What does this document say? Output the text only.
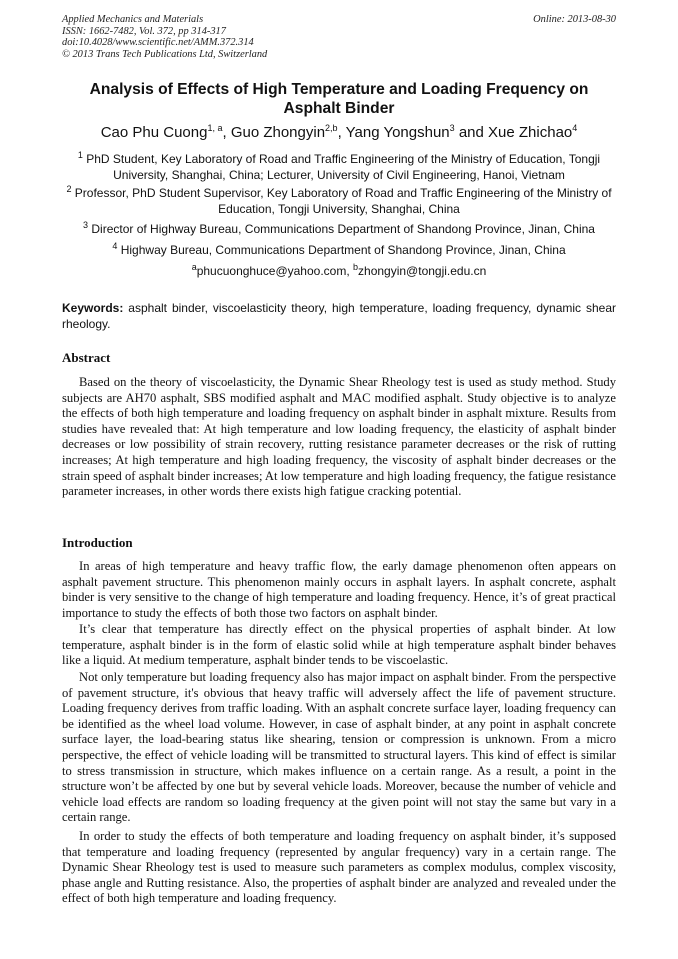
Applied Mechanics and Materials
ISSN: 1662-7482, Vol. 372, pp 314-317
doi:10.4028/www.scientific.net/AMM.372.314
© 2013 Trans Tech Publications Ltd, Switzerland
Online: 2013-08-30
Analysis of Effects of High Temperature and Loading Frequency on Asphalt Binder
Cao Phu Cuong$^{1, a}$, Guo Zhongyin$^{2,b}$, Yang Yongshun$^3$ and Xue Zhichao$^4$
$^1$ PhD Student, Key Laboratory of Road and Traffic Engineering of the Ministry of Education, Tongji University, Shanghai, China; Lecturer, University of Civil Engineering, Hanoi, Vietnam
$^2$ Professor, PhD Student Supervisor, Key Laboratory of Road and Traffic Engineering of the Ministry of Education, Tongji University, Shanghai, China
$^3$ Director of Highway Bureau, Communications Department of Shandong Province, Jinan, China
$^4$ Highway Bureau, Communications Department of Shandong Province, Jinan, China
$^a$phucuonghuce@yahoo.com, $^b$zhongyin@tongji.edu.cn
Keywords: asphalt binder, viscoelasticity theory, high temperature, loading frequency, dynamic shear rheology.
Abstract

Based on the theory of viscoelasticity, the Dynamic Shear Rheology test is used as study method. Study subjects are AH70 asphalt, SBS modified asphalt and MAC modified asphalt. Study objective is to analyze the effects of both high temperature and loading frequency on asphalt binder in asphalt mixture. Results from studies have revealed that: At high temperature and low loading frequency, the elasticity of asphalt binder decreases or low possibility of strain recovery, rutting resistance parameter decreases or the risk of rutting increases; At high temperature and high loading frequency, the viscosity of asphalt binder decreases or the strain speed of asphalt binder increases; At low temperature and high loading frequency, the fatigue resistance parameter increases, in other words there exists high fatigue cracking potential.

Introduction

In areas of high temperature and heavy traffic flow, the early damage phenomenon often appears on asphalt pavement structure. This phenomenon mainly occurs in asphalt layers. In asphalt concrete, asphalt binder is very sensitive to the change of high temperature and loading frequency. Hence, it’s of great practical importance to study the effects of both those two factors on asphalt binder.

It’s clear that temperature has directly effect on the physical properties of asphalt binder. At low temperature, asphalt binder is in the form of elastic solid while at high temperature asphalt binder behaves like a liquid. At medium temperature, asphalt binder tends to be viscoelastic.

Not only temperature but loading frequency also has major impact on asphalt binder. From the perspective of pavement structure, it's obvious that heavy traffic will adversely affect the life of pavement structure. Loading frequency derives from traffic loading. With an asphalt concrete surface layer, loading frequency can be identified as the wheel load volume. However, in case of asphalt binder, at any point in asphalt concrete surface layer, the load-bearing status like shearing, tension or compression is unknown. From a micro perspective, the effect of vehicle loading will be transmitted to structural layers. This kind of effect is similar to stress transmission in structure, which makes influence on a certain range. As a result, a point in the structure won’t be affected by one but by several vehicle loads. Moreover, because the number of vehicle and vehicle load effects are random so loading frequency at the given point will not stay the same but vary in a certain range.

In order to study the effects of both temperature and loading frequency on asphalt binder, it’s supposed that temperature and loading frequency (represented by angular frequency) vary in a certain range. The Dynamic Shear Rheology test is used to measure such parameters as complex modulus, complex viscosity, phase angle and Rutting resistance. Also, the properties of asphalt binder are analyzed and revealed under the effect of both high temperature and loading frequency.
